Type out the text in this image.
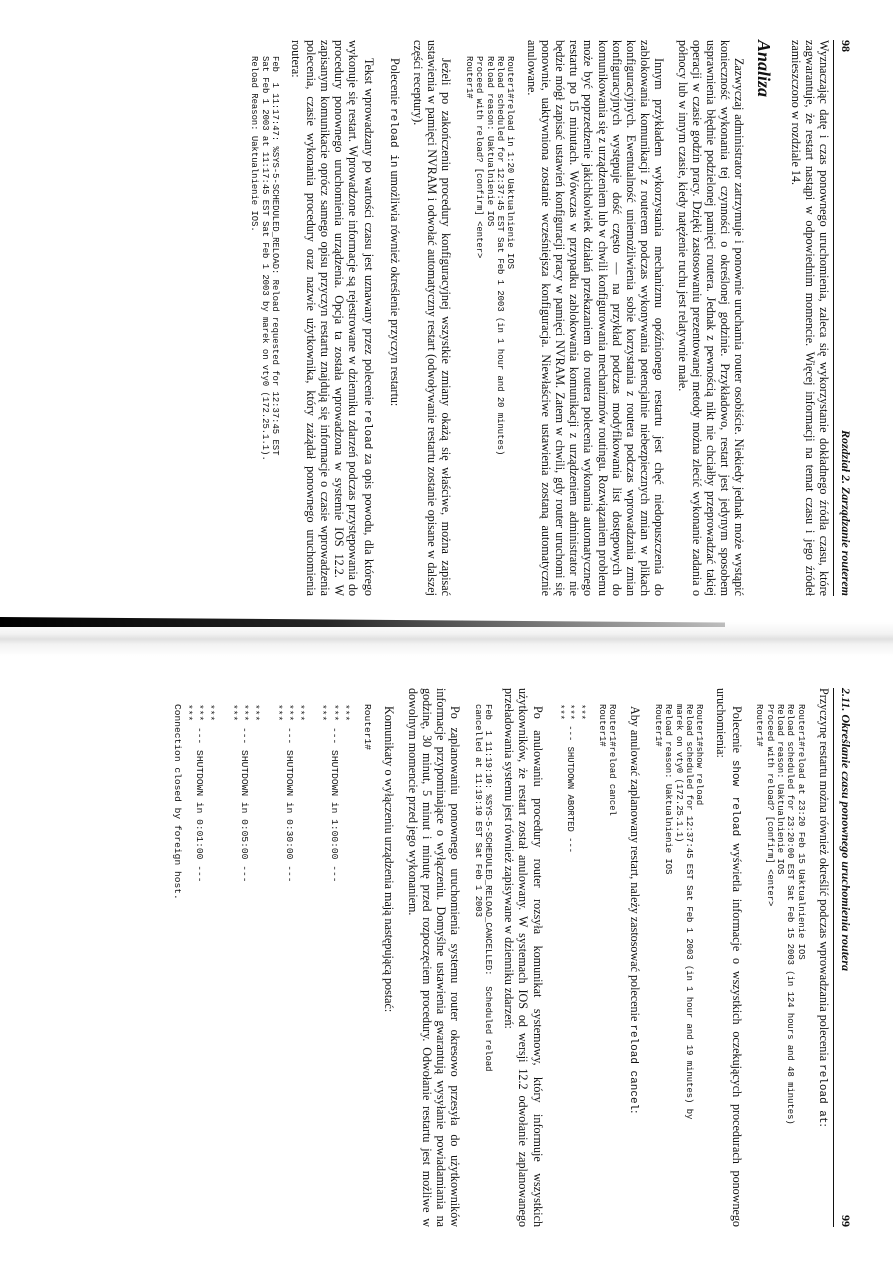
98
Rozdział 2. Zarządzanie routerem

Wyznaczając datę i czas ponownego uruchomienia, zaleca się wykorzystanie dokładnego źródła czasu, które zagwarantuje, że restart nastąpi w odpowiednim momencie. Więcej informacji na temat czasu i jego źródeł zamieszczono w rozdziale 14.

Analiza

Zazwyczaj administrator zatrzymuje i ponownie uruchamia router osobiście. Niekiedy jednak może wystąpić konieczność wykonania tej czynności o określonej godzinie. Przykładowo, restart jest jedynym sposobem usprawnienia błędnie podzielonej pamięci routera. Jednak z pewnością nikt nie chciałby przeprowadzać takiej operacji w czasie godzin pracy. Dzięki zastosowaniu prezentowanej metody można zlecić wykonanie zadania o północy lub w innym czasie, kiedy natężenie ruchu jest relatywnie małe.

Innym przykładem wykorzystania mechanizmu opóźnionego restartu jest chęć niedopuszczenia do zablokowania komunikacji z routerem podczas wykonywania potencjalnie niebezpiecznych zmian w plikach konfiguracyjnych. Ewentualność uniemożliwienia sobie korzystania z routera podczas wprowadzania zmian konfiguracyjnych występuje dość często — na przykład podczas modyfikowania list dostępowych do komunikowania się z urządzeniem lub w chwili konfigurowania mechanizmów routingu. Rozwiązaniem problemu może być poprzedzenie jakichkolwiek działań przekazaniem do routera polecenia wykonania automatycznego restartu po 15 minutach. Wówczas w przypadku zablokowania komunikacji z urządzeniem administrator nie będzie mógł zapisać ustawień konfiguracji pracy w pamięci NVRAM. Zatem w chwili, gdy router uruchomi się ponownie, uaktywniona zostanie wcześniejsza konfiguracja. Niewłaściwe ustawienia zostaną automatycznie anulowane.

Router1#reload in 1:20 Uaktualnienie IOS
Reload scheduled for 12:37:45 EST Sat Feb 1 2003 (in 1 hour and 20 minutes)
Reload reason: Uaktualnienie IOS
Proceed with reload? [confirm] <enter>
Router1#

Jeżeli po zakończeniu procedury konfiguracyjnej wszystkie zmiany okażą się właściwe, można zapisać ustawienia w pamięci NVRAM i odwołać automatyczny restart (odwoływanie restartu zostanie opisane w dalszej części receptury).

Polecenie reload in umożliwia również określenie przyczyn restartu:

Tekst wprowadzany po wartości czasu jest uznawany przez polecenie reload za opis powodu, dla którego wykonuje się restart. Wprowadzone informacje są rejestrowane w dzienniku zdarzeń podczas przystępowania do procedury ponownego uruchomienia urządzenia. Opcja ta została wprowadzona w systemie IOS 12.2. W zapisanym komunikacie oprócz samego opisu przyczyn restartu znajdują się informacje o czasie wprowadzenia polecenia, czasie wykonania procedury oraz nazwie użytkownika, który zażądał ponownego uruchomienia routera:

Feb  1 11:17:47: %SYS-5-SCHEDULED_RELOAD: Reload requested for 12:37:45 EST
Sat Feb 1 2003 at 11:17:45 EST Sat Feb 1 2003 by marek on vty0 (172.25.1.1).
Reload Reason: Uaktualnienie IOS.
2.11. Określanie czasu ponownego uruchomienia routera
99

Przyczynę restartu można również określić podczas wprowadzania polecenia reload at:

Router1#reload at 23:20 Feb 15 Uaktualnienie IOS
Reload scheduled for 23:20:00 EST Sat Feb 15 2003 (in 124 hours and 48 minutes)
Reload reason: Uaktualnienie IOS
Proceed with reload? [confirm] <enter>
Router1#

Polecenie show reload wyświetla informacje o wszystkich oczekujących procedurach ponownego uruchomienia:

Router1#show reload
Reload scheduled for 12:37:45 EST Sat Feb 1 2003 (in 1 hour and 19 minutes) by
marek on vty0 (172.25.1.1)
Reload reason: Uaktualnienie IOS
Router1#

Aby anulować zaplanowany restart, należy zastosować polecenie reload cancel:

Router1#reload cancel
Router1#

***
*** --- SHUTDOWN ABORTED ---
***

Po anulowaniu procedury router rozsyła komunikat systemowy, który informuje wszystkich użytkowników, że restart został anulowany. W systemach IOS od wersji 12.2 odwołanie zaplanowanego przeładowania systemu jest również zapisywane w dzienniku zdarzeń:

Feb  1 11:19:10: %SYS-5-SCHEDULED_RELOAD_CANCELLED:  Scheduled reload
cancelled at 11:19:10 EST Sat Feb 1 2003

Po zaplanowaniu ponownego uruchomienia systemu router okresowo przesyła do użytkowników informacje przypominające o wyłączeniu. Domyślne ustawienia gwarantują wysyłanie powiadamiania na godzinę, 30 minut, 5 minut i minutę przed rozpoczęciem procedury. Odwołanie restartu jest możliwe w dowolnym momencie przed jego wykonaniem.

Komunikaty o wyłączeniu urządzenia mają następującą postać:

Router1#

***
*** --- SHUTDOWN in 1:00:00 ---
***

***
*** --- SHUTDOWN in 0:30:00 ---
***

***
*** --- SHUTDOWN in 0:05:00 ---
***

***
*** --- SHUTDOWN in 0:01:00 ---
***
Connection closed by foreign host.
